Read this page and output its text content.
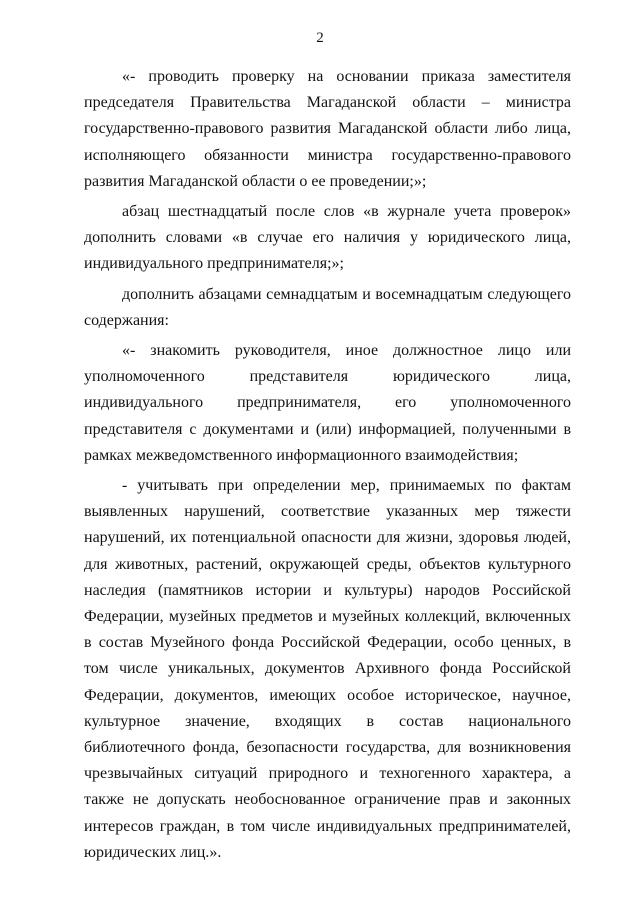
2

«- проводить проверку на основании приказа заместителя председателя Правительства Магаданской области – министра государственно-правового развития Магаданской области либо лица, исполняющего обязанности министра государственно-правового развития Магаданской области о ее проведении;»;

абзац шестнадцатый после слов «в журнале учета проверок» дополнить словами «в случае его наличия у юридического лица, индивидуального предпринимателя;»;

дополнить абзацами семнадцатым и восемнадцатым следующего содержания:

«- знакомить руководителя, иное должностное лицо или уполномоченного представителя юридического лица, индивидуального предпринимателя, его уполномоченного представителя с документами и (или) информацией, полученными в рамках межведомственного информационного взаимодействия;

- учитывать при определении мер, принимаемых по фактам выявленных нарушений, соответствие указанных мер тяжести нарушений, их потенциальной опасности для жизни, здоровья людей, для животных, растений, окружающей среды, объектов культурного наследия (памятников истории и культуры) народов Российской Федерации, музейных предметов и музейных коллекций, включенных в состав Музейного фонда Российской Федерации, особо ценных, в том числе уникальных, документов Архивного фонда Российской Федерации, документов, имеющих особое историческое, научное, культурное значение, входящих в состав национального библиотечного фонда, безопасности государства, для возникновения чрезвычайных ситуаций природного и техногенного характера, а также не допускать необоснованное ограничение прав и законных интересов граждан, в том числе индивидуальных предпринимателей, юридических лиц.».
